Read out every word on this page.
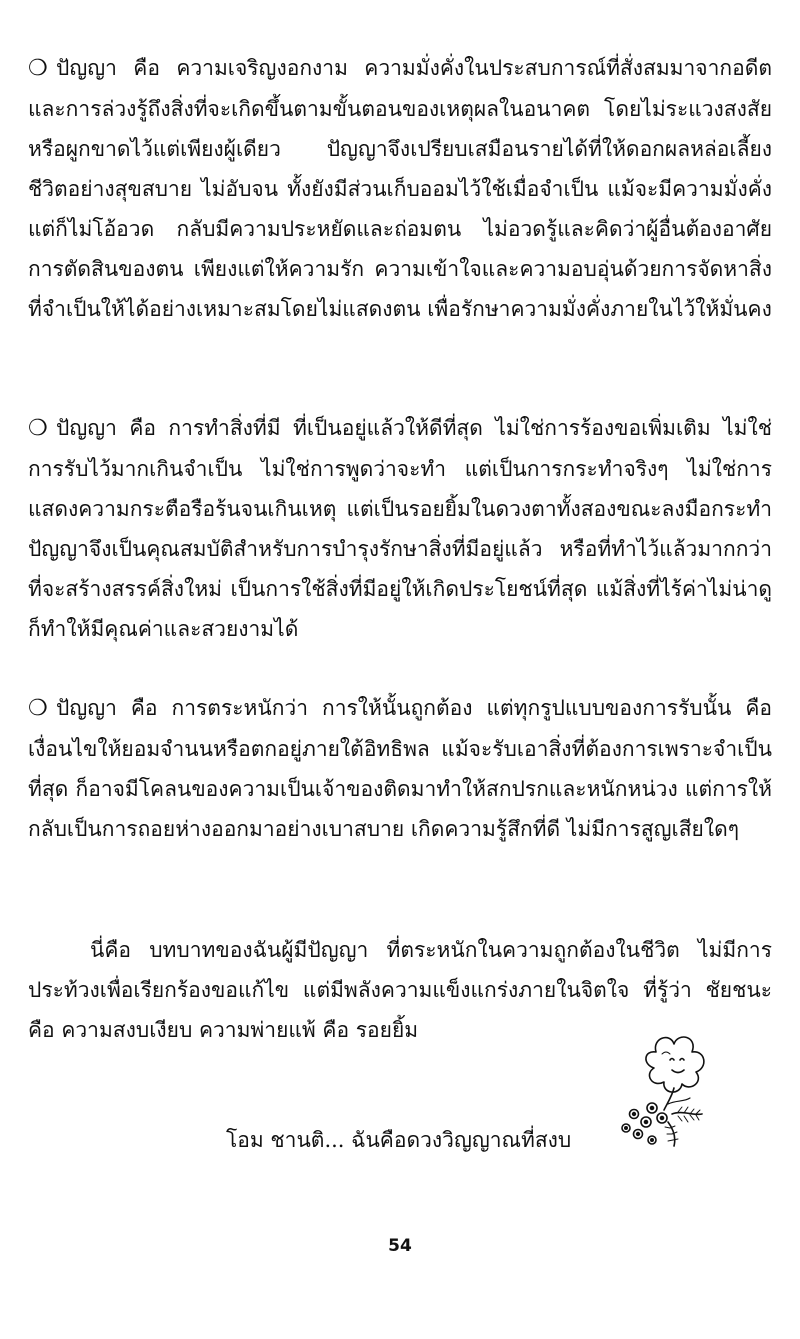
❍ ปัญญา คือ ความเจริญงอกงาม ความมั่งคั่งในประสบการณ์ที่สั่งสมมาจากอดีต และการล่วงรู้ถึงสิ่งที่จะเกิดขึ้นตามขั้นตอนของเหตุผลในอนาคต โดยไม่ระแวงสงสัยหรือผูกขาดไว้แต่เพียงผู้เดียว ปัญญาจึงเปรียบเสมือนรายได้ที่ให้ดอกผลหล่อเลี้ยงชีวิตอย่างสุขสบาย ไม่อับจน ทั้งยังมีส่วนเก็บออมไว้ใช้เมื่อจำเป็น แม้จะมีความมั่งคั่งแต่ก็ไม่โอ้อวด กลับมีความประหยัดและถ่อมตน ไม่อวดรู้และคิดว่าผู้อื่นต้องอาศัยการตัดสินของตน เพียงแต่ให้ความรัก ความเข้าใจและความอบอุ่นด้วยการจัดหาสิ่งที่จำเป็นให้ได้อย่างเหมาะสมโดยไม่แสดงตน เพื่อรักษาความมั่งคั่งภายในไว้ให้มั่นคง
❍ ปัญญา คือ การทำสิ่งที่มี ที่เป็นอยู่แล้วให้ดีที่สุด ไม่ใช่การร้องขอเพิ่มเติม ไม่ใช่การรับไว้มากเกินจำเป็น ไม่ใช่การพูดว่าจะทำ แต่เป็นการกระทำจริงๆ ไม่ใช่การแสดงความกระตือรือร้นจนเกินเหตุ แต่เป็นรอยยิ้มในดวงตาทั้งสองขณะลงมือกระทำ ปัญญาจึงเป็นคุณสมบัติสำหรับการบำรุงรักษาสิ่งที่มีอยู่แล้ว หรือที่ทำไว้แล้วมากกว่าที่จะสร้างสรรค์สิ่งใหม่ เป็นการใช้สิ่งที่มีอยู่ให้เกิดประโยชน์ที่สุด แม้สิ่งที่ไร้ค่าไม่น่าดูก็ทำให้มีคุณค่าและสวยงามได้
❍ ปัญญา คือ การตระหนักว่า การให้นั้นถูกต้อง แต่ทุกรูปแบบของการรับนั้น คือเงื่อนไขให้ยอมจำนนหรือตกอยู่ภายใต้อิทธิพล แม้จะรับเอาสิ่งที่ต้องการเพราะจำเป็นที่สุด ก็อาจมีโคลนของความเป็นเจ้าของติดมาทำให้สกปรกและหนักหน่วง แต่การให้กลับเป็นการถอยห่างออกมาอย่างเบาสบาย เกิดความรู้สึกที่ดี ไม่มีการสูญเสียใดๆ
นี่คือ บทบาทของฉันผู้มีปัญญา ที่ตระหนักในความถูกต้องในชีวิต ไม่มีการประท้วงเพื่อเรียกร้องขอแก้ไข แต่มีพลังความแข็งแกร่งภายในจิตใจ ที่รู้ว่า ชัยชนะ คือ ความสงบเงียบ ความพ่ายแพ้ คือ รอยยิ้ม
โอม ชานติ... ฉันคือดวงวิญญาณที่สงบ
54
